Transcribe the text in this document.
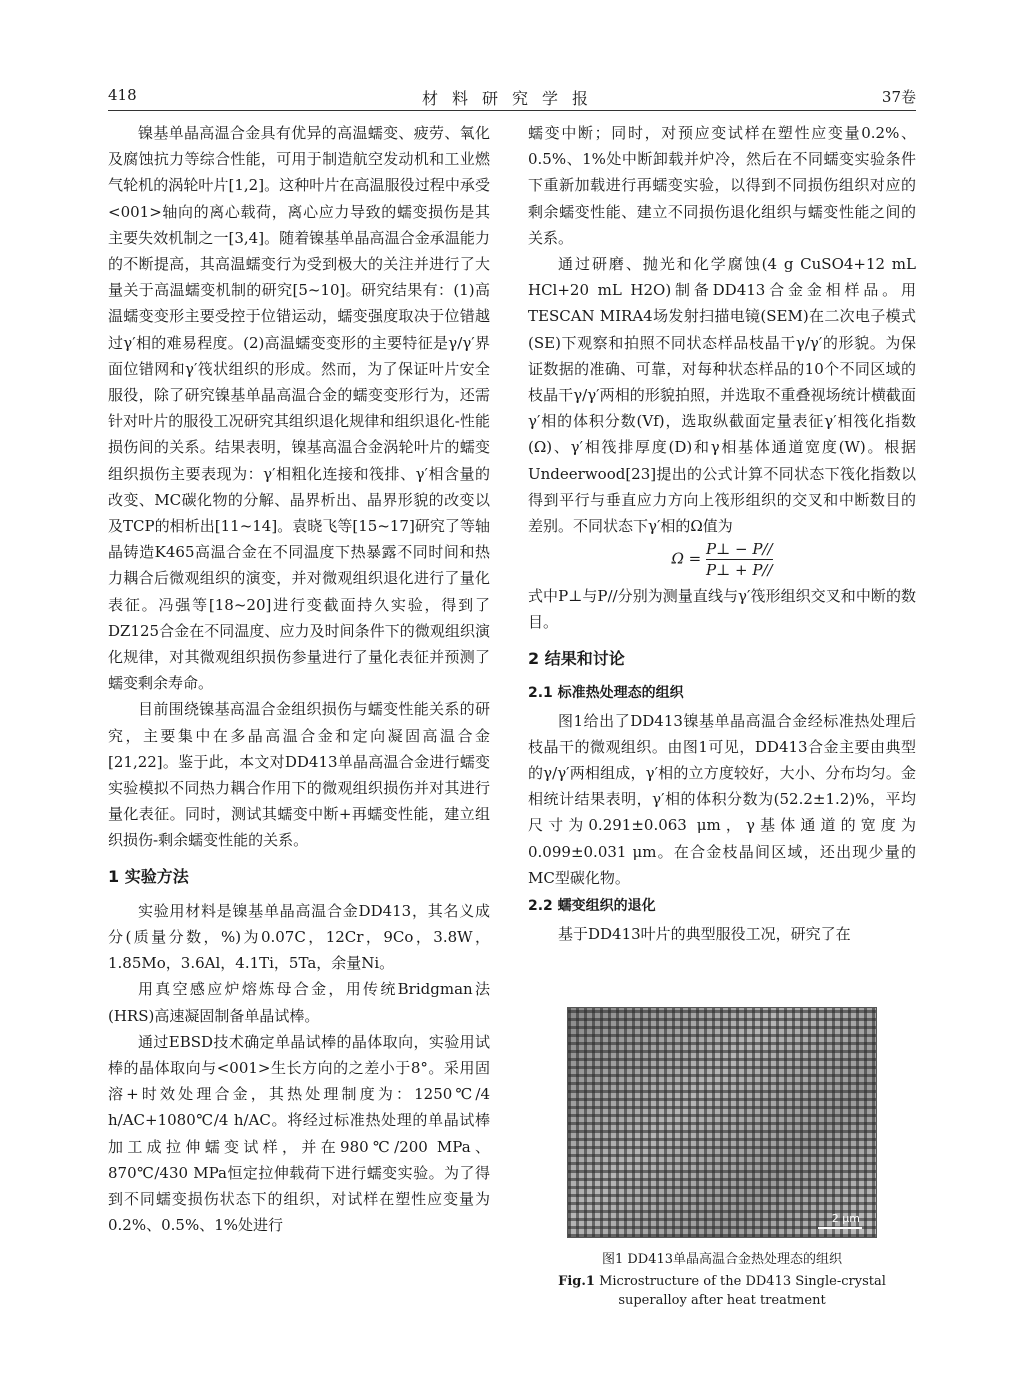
418	材料研究学报	37卷

镍基单晶高温合金具有优异的高温蠕变、疲劳、氧化及腐蚀抗力等综合性能，可用于制造航空发动机和工业燃气轮机的涡轮叶片[1,2]。这种叶片在高温服役过程中承受<001>轴向的离心载荷，离心应力导致的蠕变损伤是其主要失效机制之一[3,4]。随着镍基单晶高温合金承温能力的不断提高，其高温蠕变行为受到极大的关注并进行了大量关于高温蠕变机制的研究[5~10]。研究结果有：(1)高温蠕变变形主要受控于位错运动，蠕变强度取决于位错越过γ′相的难易程度。(2)高温蠕变变形的主要特征是γ/γ′界面位错网和γ′筏状组织的形成。然而，为了保证叶片安全服役，除了研究镍基单晶高温合金的蠕变变形行为，还需针对叶片的服役工况研究其组织退化规律和组织退化-性能损伤间的关系。结果表明，镍基高温合金涡轮叶片的蠕变组织损伤主要表现为：γ′相粗化连接和筏排、γ′相含量的改变、MC碳化物的分解、晶界析出、晶界形貌的改变以及TCP的相析出[11~14]。袁晓飞等[15~17]研究了等轴晶铸造K465高温合金在不同温度下热暴露不同时间和热力耦合后微观组织的演变，并对微观组织退化进行了量化表征。冯强等[18~20]进行变截面持久实验，得到了DZ125合金在不同温度、应力及时间条件下的微观组织演化规律，对其微观组织损伤参量进行了量化表征并预测了蠕变剩余寿命。

目前围绕镍基高温合金组织损伤与蠕变性能关系的研究，主要集中在多晶高温合金和定向凝固高温合金[21,22]。鉴于此，本文对DD413单晶高温合金进行蠕变实验模拟不同热力耦合作用下的微观组织损伤并对其进行量化表征。同时，测试其蠕变中断+再蠕变性能，建立组织损伤-剩余蠕变性能的关系。

1 实验方法

实验用材料是镍基单晶高温合金DD413，其名义成分(质量分数，%)为0.07C，12Cr，9Co，3.8W，1.85Mo，3.6Al，4.1Ti，5Ta，余量Ni。

用真空感应炉熔炼母合金，用传统Bridgman法(HRS)高速凝固制备单晶试棒。

通过EBSD技术确定单晶试棒的晶体取向，实验用试棒的晶体取向与<001>生长方向的之差小于8°。采用固溶+时效处理合金，其热处理制度为：1250℃/4 h/AC+1080℃/4 h/AC。将经过标准热处理的单晶试棒加工成拉伸蠕变试样，并在980℃/200 MPa、870℃/430 MPa恒定拉伸载荷下进行蠕变实验。为了得到不同蠕变损伤状态下的组织，对试样在塑性应变量为0.2%、0.5%、1%处进行

蠕变中断；同时，对预应变试样在塑性应变量0.2%、0.5%、1%处中断卸载并炉冷，然后在不同蠕变实验条件下重新加载进行再蠕变实验，以得到不同损伤组织对应的剩余蠕变性能、建立不同损伤退化组织与蠕变性能之间的关系。

通过研磨、抛光和化学腐蚀(4 g CuSO4+12 mL HCl+20 mL H2O)制备DD413合金金相样品。用TESCAN MIRA4场发射扫描电镜(SEM)在二次电子模式(SE)下观察和拍照不同状态样品枝晶干γ/γ′的形貌。为保证数据的准确、可靠，对每种状态样品的10个不同区域的枝晶干γ/γ′两相的形貌拍照，并选取不重叠视场统计横截面γ′相的体积分数(Vf)，选取纵截面定量表征γ′相筏化指数(Ω)、γ′相筏排厚度(D)和γ相基体通道宽度(W)。根据Undeerwood[23]提出的公式计算不同状态下筏化指数以得到平行与垂直应力方向上筏形组织的交叉和中断数目的差别。不同状态下γ′相的Ω值为

$\Omega = \frac{P\perp - P//}{P\perp + P//}$

式中P⊥与P//分别为测量直线与γ′筏形组织交叉和中断的数目。

2 结果和讨论
2.1 标准热处理态的组织

图1给出了DD413镍基单晶高温合金经标准热处理后枝晶干的微观组织。由图1可见，DD413合金主要由典型的γ/γ′两相组成，γ′相的立方度较好，大小、分布均匀。金相统计结果表明，γ′相的体积分数为(52.2±1.2)%，平均尺寸为0.291±0.063 μm，γ基体通道的宽度为0.099±0.031 μm。在合金枝晶间区域，还出现少量的MC型碳化物。

2.2 蠕变组织的退化

基于DD413叶片的典型服役工况，研究了在

2 μm
图1 DD413单晶高温合金热处理态的组织
Fig.1 Microstructure of the DD413 Single-crystal superalloy after heat treatment
